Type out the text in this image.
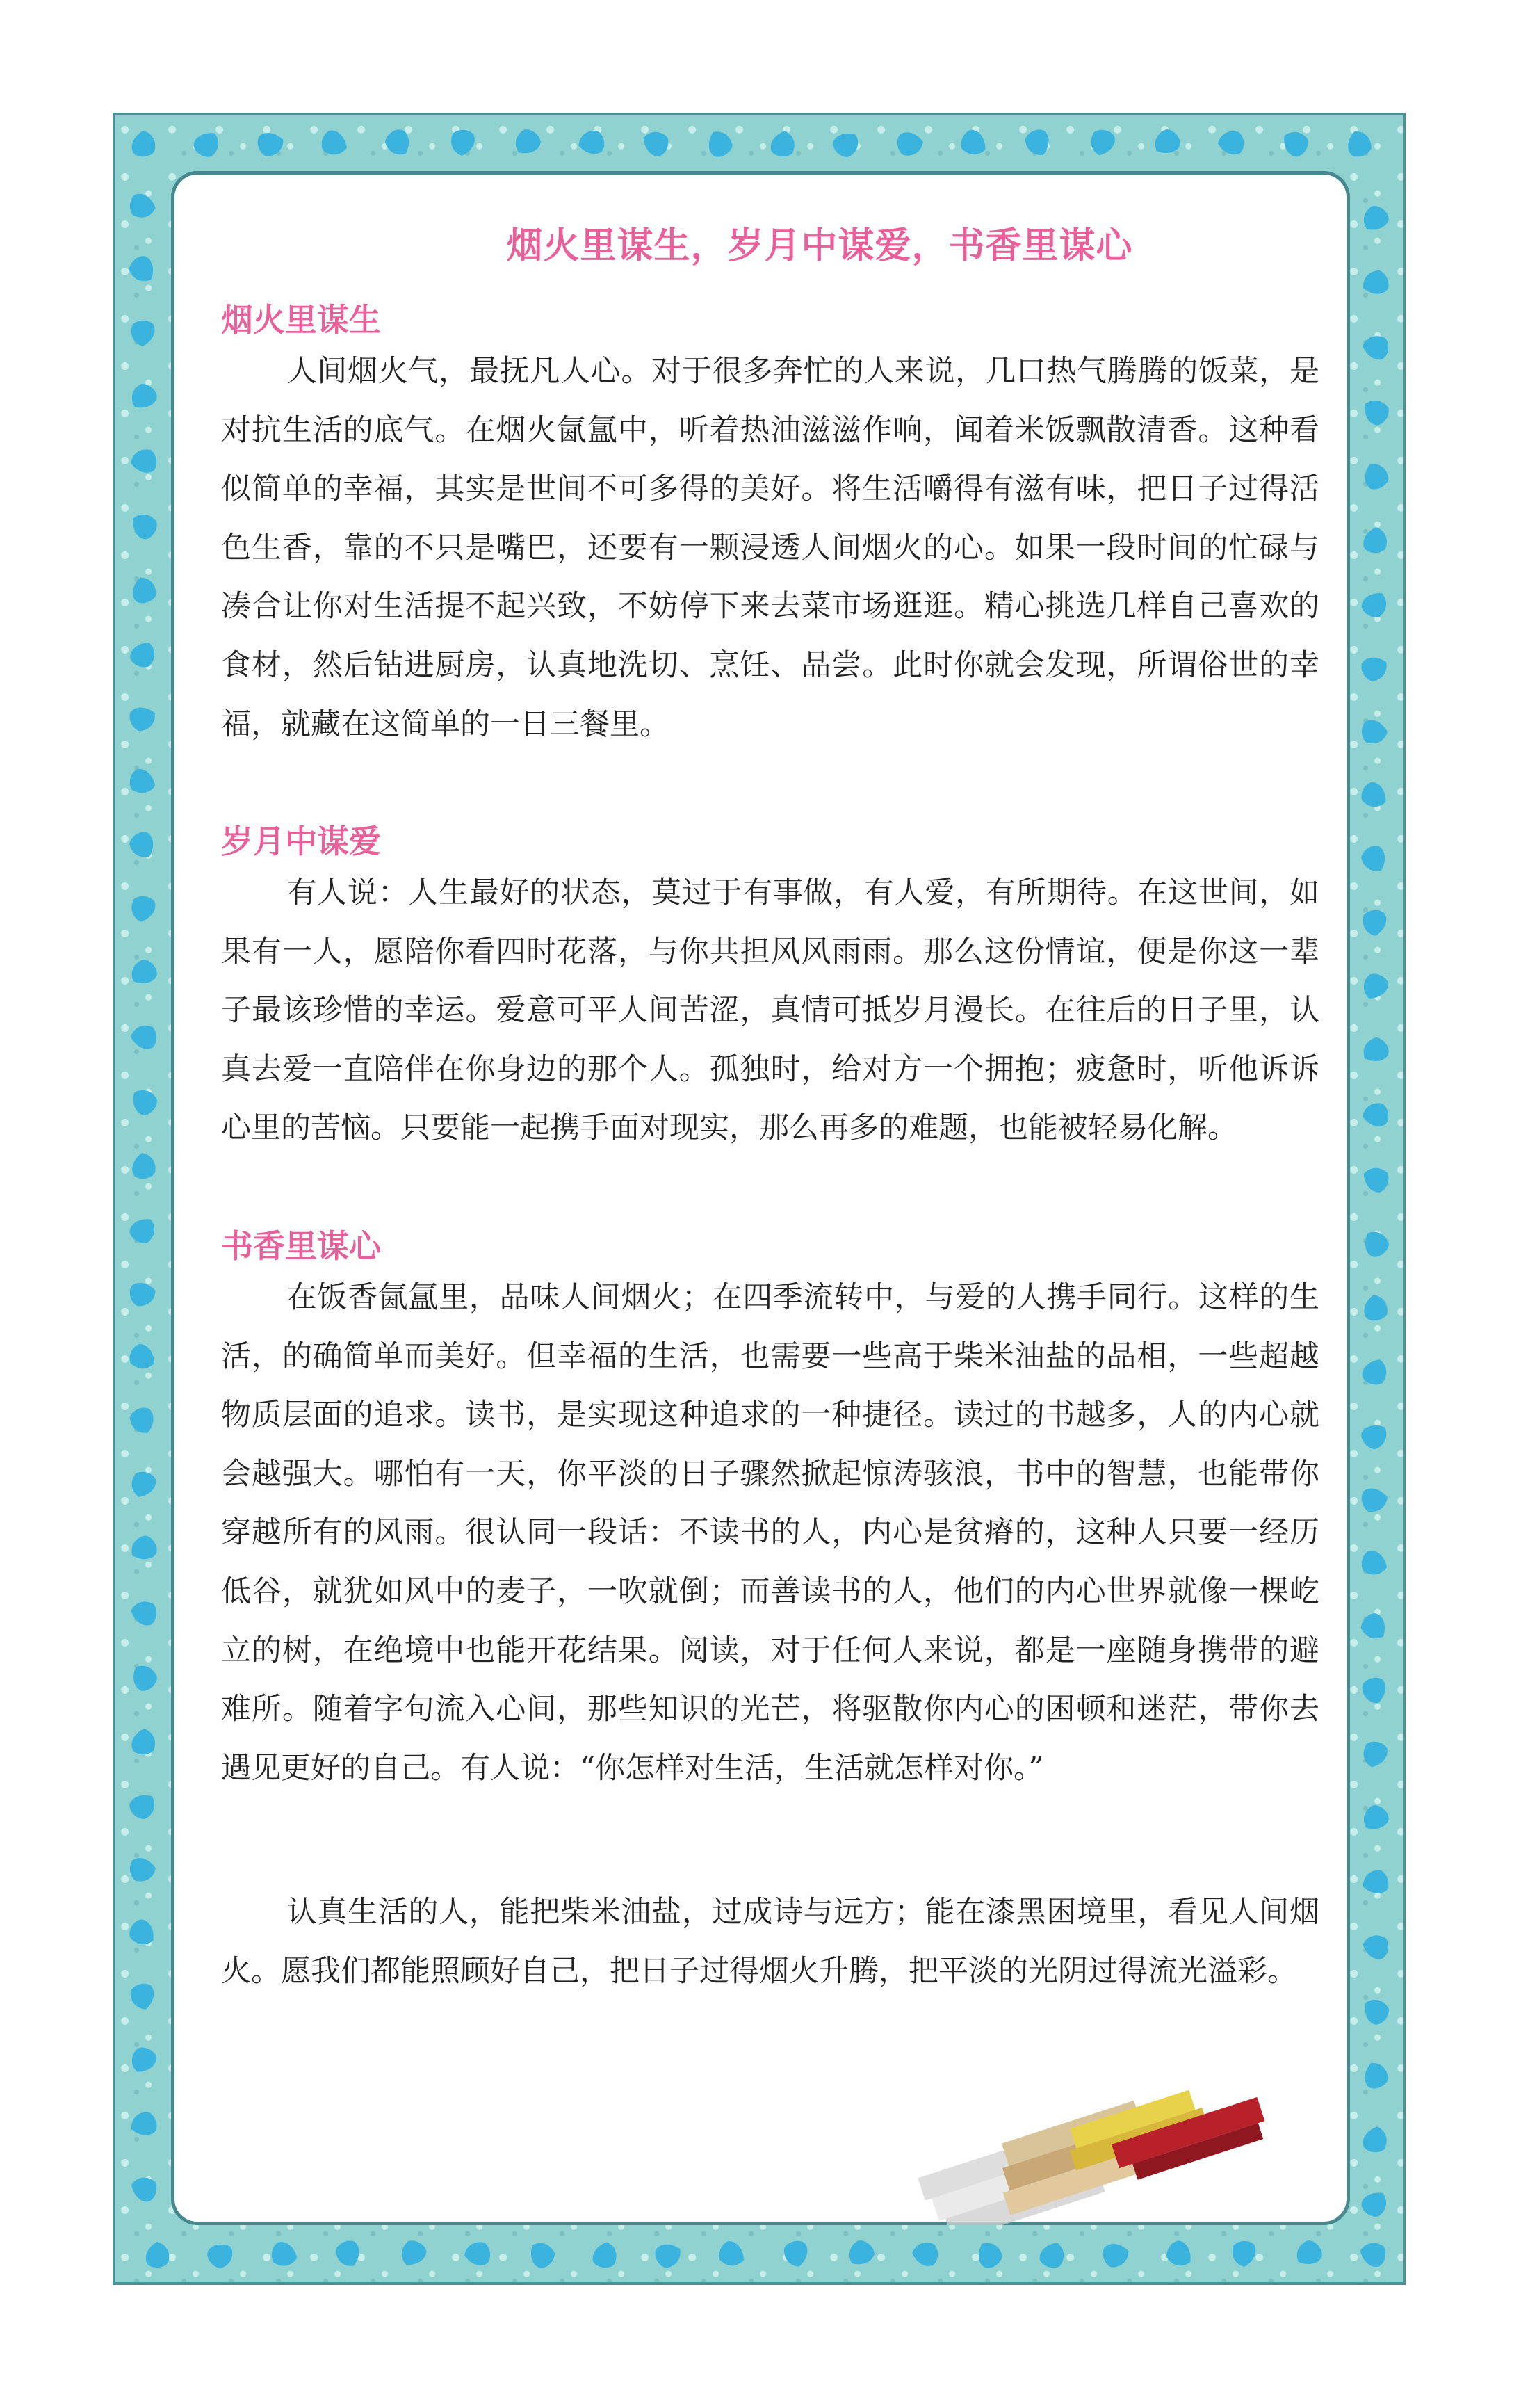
烟火里谋生，岁月中谋爱，书香里谋心
烟火里谋生

人间烟火气，最抚凡人心。对于很多奔忙的人来说，几口热气腾腾的饭菜，是对抗生活的底气。在烟火氤氲中，听着热油滋滋作响，闻着米饭飘散清香。这种看似简单的幸福，其实是世间不可多得的美好。将生活嚼得有滋有味，把日子过得活色生香，靠的不只是嘴巴，还要有一颗浸透人间烟火的心。如果一段时间的忙碌与凑合让你对生活提不起兴致，不妨停下来去菜市场逛逛。精心挑选几样自己喜欢的食材，然后钻进厨房，认真地洗切、烹饪、品尝。此时你就会发现，所谓俗世的幸福，就藏在这简单的一日三餐里。

岁月中谋爱

有人说：人生最好的状态，莫过于有事做，有人爱，有所期待。在这世间，如果有一人，愿陪你看四时花落，与你共担风风雨雨。那么这份情谊，便是你这一辈子最该珍惜的幸运。爱意可平人间苦涩，真情可抵岁月漫长。在往后的日子里，认真去爱一直陪伴在你身边的那个人。孤独时，给对方一个拥抱；疲惫时，听他诉诉心里的苦恼。只要能一起携手面对现实，那么再多的难题，也能被轻易化解。

书香里谋心

在饭香氤氲里，品味人间烟火；在四季流转中，与爱的人携手同行。这样的生活，的确简单而美好。但幸福的生活，也需要一些高于柴米油盐的品相，一些超越物质层面的追求。读书，是实现这种追求的一种捷径。读过的书越多，人的内心就会越强大。哪怕有一天，你平淡的日子骤然掀起惊涛骇浪，书中的智慧，也能带你穿越所有的风雨。很认同一段话：不读书的人，内心是贫瘠的，这种人只要一经历低谷，就犹如风中的麦子，一吹就倒；而善读书的人，他们的内心世界就像一棵屹立的树，在绝境中也能开花结果。阅读，对于任何人来说，都是一座随身携带的避难所。随着字句流入心间，那些知识的光芒，将驱散你内心的困顿和迷茫，带你去遇见更好的自己。有人说：“你怎样对生活，生活就怎样对你。”

认真生活的人，能把柴米油盐，过成诗与远方；能在漆黑困境里，看见人间烟火。愿我们都能照顾好自己，把日子过得烟火升腾，把平淡的光阴过得流光溢彩。
